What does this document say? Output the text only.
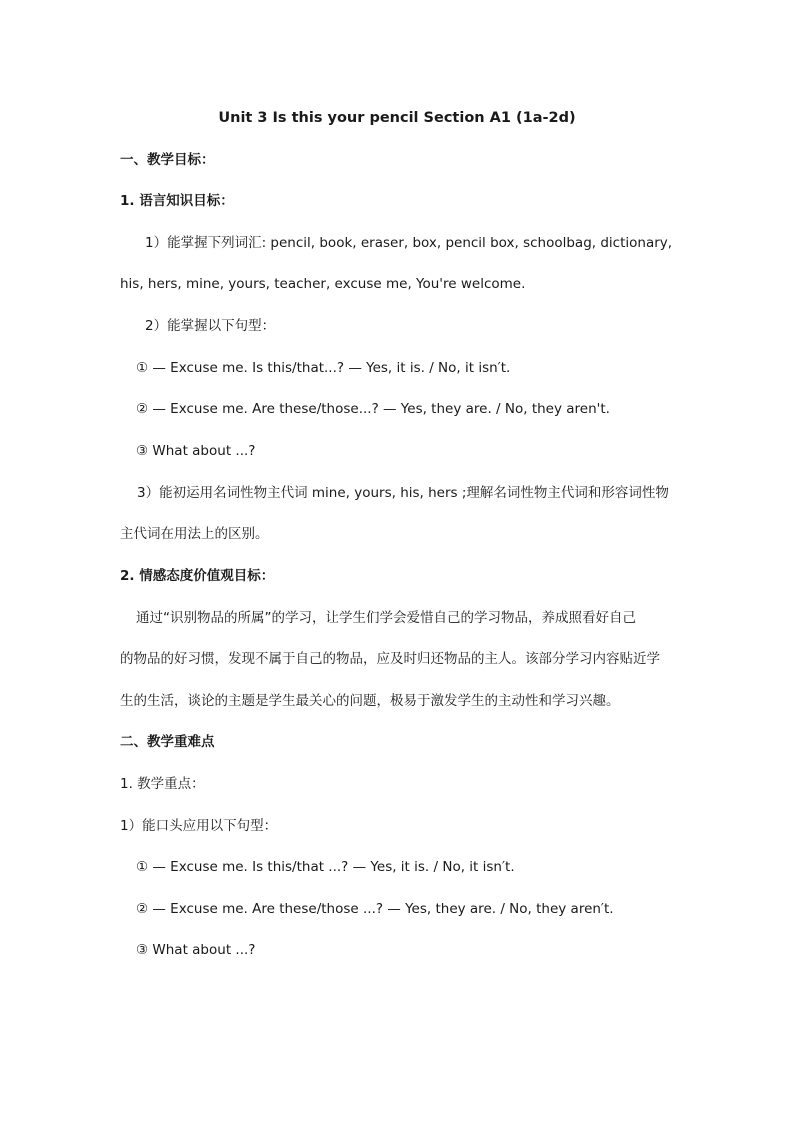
Unit 3 Is this your pencil Section A1 (1a-2d)
一、教学目标：
1. 语言知识目标：
1）能掌握下列词汇: pencil, book, eraser, box, pencil box, schoolbag, dictionary,
his, hers, mine, yours, teacher, excuse me, You're welcome.
2）能掌握以下句型：
① — Excuse me. Is this/that...? — Yes, it is. / No, it isn′t.
② — Excuse me. Are these/those...? — Yes, they are. / No, they aren't.
③ What about ...?
3）能初运用名词性物主代词 mine, yours, his, hers ;理解名词性物主代词和形容词性物
主代词在用法上的区别。
2. 情感态度价值观目标：
通过“识别物品的所属”的学习，让学生们学会爱惜自己的学习物品，养成照看好自己
的物品的好习惯，发现不属于自己的物品，应及时归还物品的主人。该部分学习内容贴近学
生的生活，谈论的主题是学生最关心的问题，极易于激发学生的主动性和学习兴趣。
二、教学重难点
1. 教学重点：
1）能口头应用以下句型：
① — Excuse me. Is this/that ...? — Yes, it is. / No, it isn′t.
② — Excuse me. Are these/those ...? — Yes, they are. / No, they aren′t.
③ What about ...?
